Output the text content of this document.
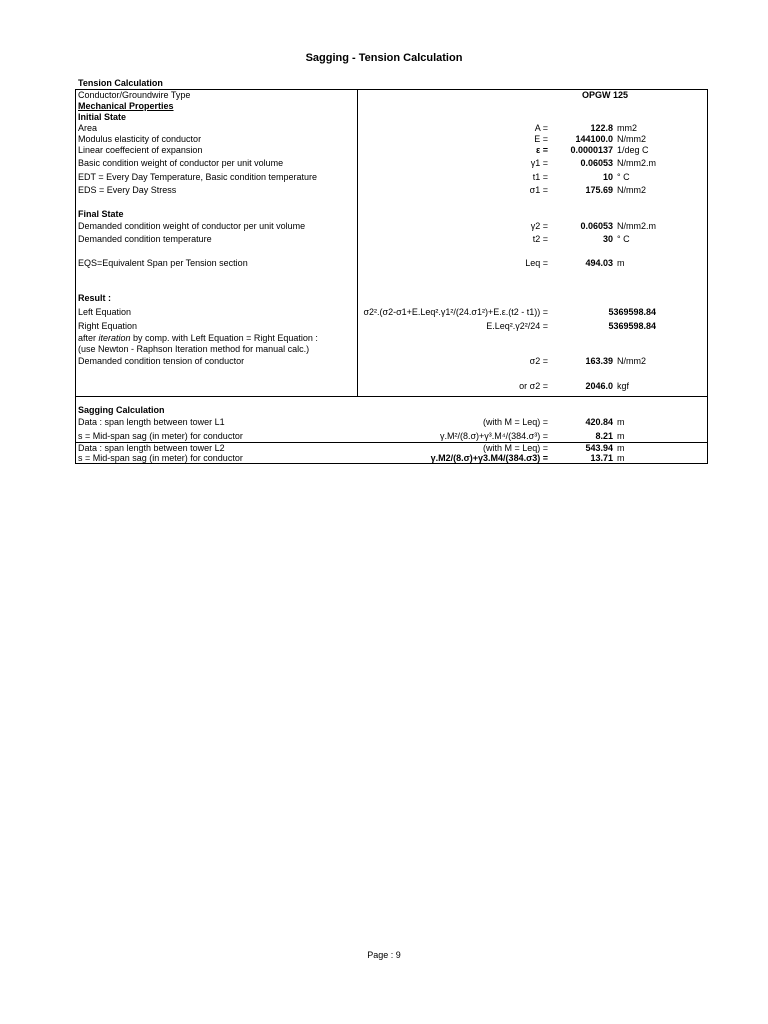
Sagging - Tension Calculation
Tension Calculation
Conductor/Groundwire Type	OPGW 125
Mechanical Properties
Initial State
Area	A =	122.8 mm2
Modulus elasticity of conductor	E =	144100.0 N/mm2
Linear coeffecient of expansion	ε = 0.0000137 1/deg C
Basic condition weight of conductor per unit volume	γ1 =	0.06053 N/mm2.m
EDT = Every Day Temperature, Basic condition temperature	t1 =	10 ° C
EDS = Every Day Stress	σ1 =	175.69 N/mm2
Final State
Demanded condition weight of conductor per unit volume	γ2 =	0.06053 N/mm2.m
Demanded condition temperature	t2 =	30 ° C
EQS=Equivalent Span per Tension section	Leq =	494.03 m
Result :
Left Equation	σ2².(σ2-σ1+E.Leq².γ1²/(24.σ1²)+E.ε.(t2 - t1)) =	5369598.84
Right Equation	E.Leq².γ2²/24 =	5369598.84
after iteration by comp. with Left Equation = Right Equation :
(use Newton - Raphson Iteration method for manual calc.)
Demanded condition tension of conductor	σ2 =	163.39 N/mm2
or σ2 =	2046.0 kgf
Sagging Calculation
Data : span length between tower L1	(with M = Leq) =	420.84 m
s = Mid-span sag (in meter) for conductor	γ.M²/(8.σ)+γ³.M⁴/(384.σ³) =	8.21 m
Data : span length between tower L2	(with M = Leq) =	543.94 m
s = Mid-span sag (in meter) for conductor	γ.M2/(8.σ)+γ3.M4/(384.σ3) =	13.71 m
Page : 9
